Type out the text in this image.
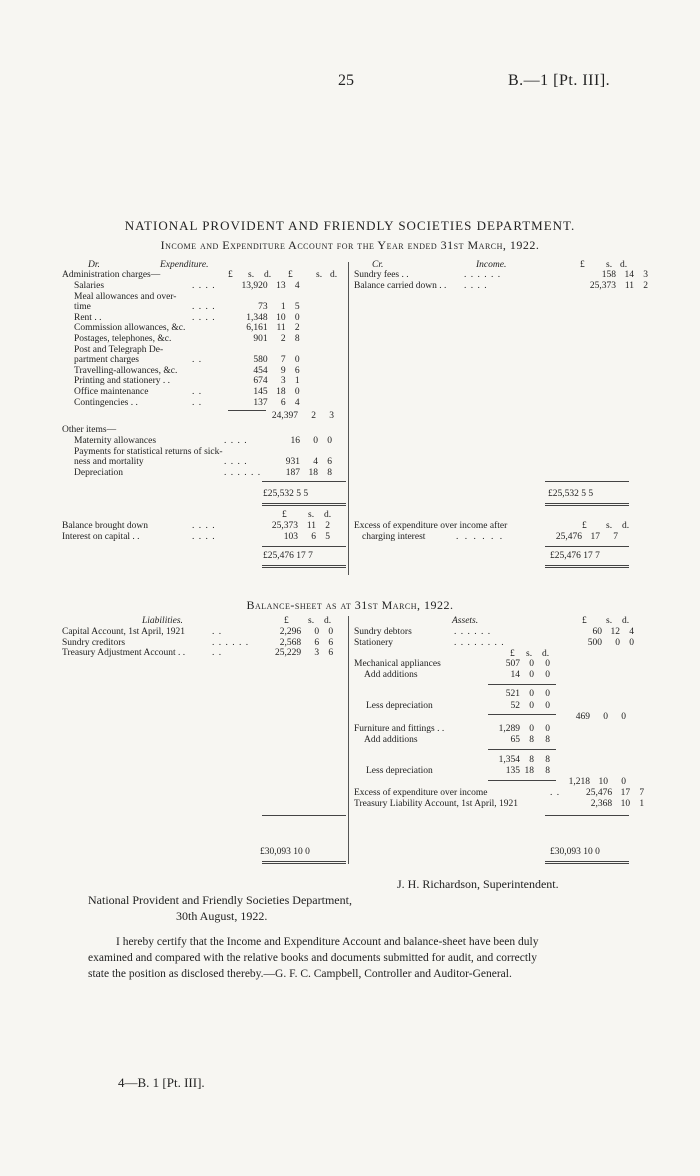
25	B.—1 [Pt. III].
NATIONAL PROVIDENT AND FRIENDLY SOCIETIES DEPARTMENT.
Income and Expenditure Account for the Year ended 31st March, 1922.
Dr.	Expenditure.
£ s. d. £ s. d.
Administration charges—
Salaries	. . . .	13,920	13	4
Meal allowances and over-				
time	. . . .	73	1	5
Rent . .	. . . .	1,348	10	0
Commission allowances, &c.		6,161	11	2
Postages, telephones, &c.		901	2	8
Post and Telegraph De-				
partment charges	. .	580	7	0
Travelling-allowances, &c.		454	9	6
Printing and stationery . .		674	3	1
Office maintenance	. .	145	18	0
Contingencies . .	. .	137	6	4
24,397	2	3
Other items—
Maternity allowances	. . . .	16	0	0
Payments for statistical returns of sick-				
ness and mortality	. . . .	931	4	6
Depreciation	. . . . . .	187	18	8
£25,532 5 5
Cr.	Income.	£ s. d.
Sundry fees . .	. . . . . .	158	14	3
Balance carried down . .	. . . .	25,373	11	2
£25,532 5 5
£ s. d.
Balance brought down	. . . .	25,373	11	2
Interest on capital . .	. . . .	103	6	5
Excess of expenditure over income after	£ s. d.
charging interest	. . . . . .	25,476 17	7
£25,476 17 7	£25,476 17 7
Balance-sheet as at 31st March, 1922.
Liabilities.	£ s. d.
Capital Account, 1st April, 1921	. .	2,296	0	0
Sundry creditors	. . . . . .	2,568	6	6
Treasury Adjustment Account . .	. .	25,229	3	6
Assets.	£ s. d.
Sundry debtors	. . . . . .	60	12	4
Stationery	. . . . . . . .	500	0	0
£ s. d.
Mechanical appliances	507 0	0
Add additions	14 0	0
521 0	0
Less depreciation	52 0	0
469	0	0
Furniture and fittings . .	1,289 0	0
Add additions	65 8	8
1,354 8	8
Less depreciation	135 18	8
1,218 10	0
Excess of expenditure over income	. .	25,476	17	7
Treasury Liability Account, 1st April, 1921		2,368	10	1
£30,093 10 0	£30,093 10 0
J. H. Richardson, Superintendent.
National Provident and Friendly Societies Department,
30th August, 1922.
I hereby certify that the Income and Expenditure Account and balance-sheet have been duly
examined and compared with the relative books and documents submitted for audit, and correctly
state the position as disclosed thereby.—G. F. C. Campbell, Controller and Auditor-General.
4—B. 1 [Pt. III].
